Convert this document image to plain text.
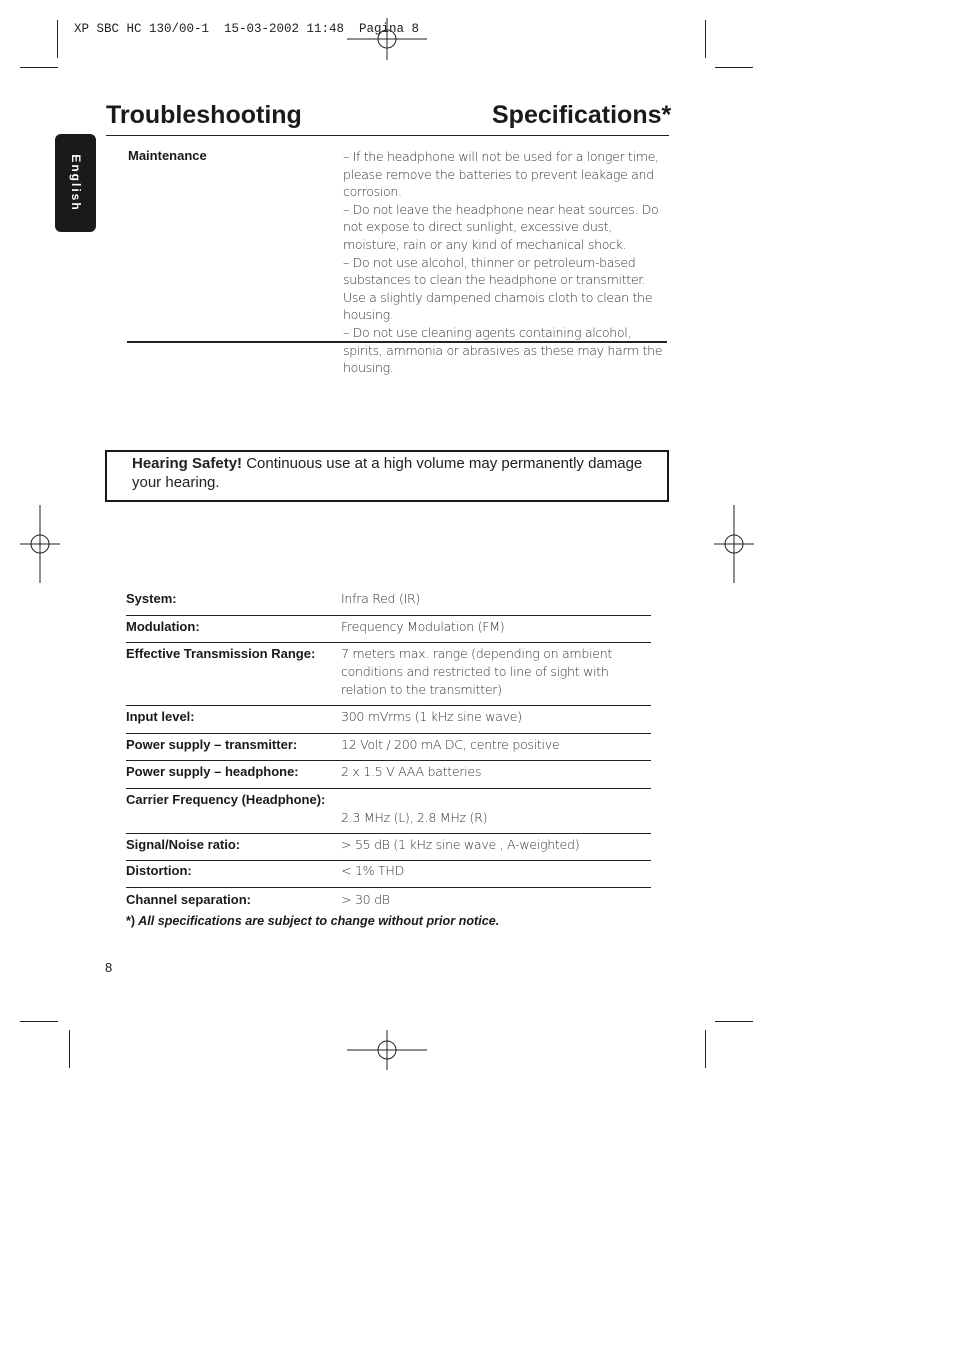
XP SBC HC 130/00-1  15-03-2002 11:48  Pagina 8
English
Troubleshooting	Specifications*
Maintenance	– If the headphone will not be used for a longer time, please remove the batteries to prevent leakage and corrosion.

– Do not leave the headphone near heat sources. Do not expose to direct sunlight, excessive dust, moisture, rain or any kind of mechanical shock.

– Do not use alcohol, thinner or petroleum-based substances to clean the headphone or transmitter. Use a slightly dampened chamois cloth to clean the housing.

– Do not use cleaning agents containing alcohol, spirits, ammonia or abrasives as these may harm the housing.

Hearing Safety! Continuous use at a high volume may permanently damage your hearing.
System:	Infra Red (IR)
Modulation:	Frequency Modulation (FM)
Effective Transmission Range:	7 meters max. range (depending on ambient conditions and restricted to line of sight with relation to the transmitter)
Input level:	300 mVrms (1 kHz sine wave)
Power supply – transmitter:	12 Volt / 200 mA DC, centre positive
Power supply – headphone:	2 x 1.5 V AAA batteries
Carrier Frequency (Headphone):
2.3 MHz (L), 2.8 MHz (R)
Signal/Noise ratio:	> 55 dB (1 kHz sine wave , A-weighted)
Distortion:	< 1% THD
Channel separation:	> 30 dB
*) All specifications are subject to change without prior notice.
8
